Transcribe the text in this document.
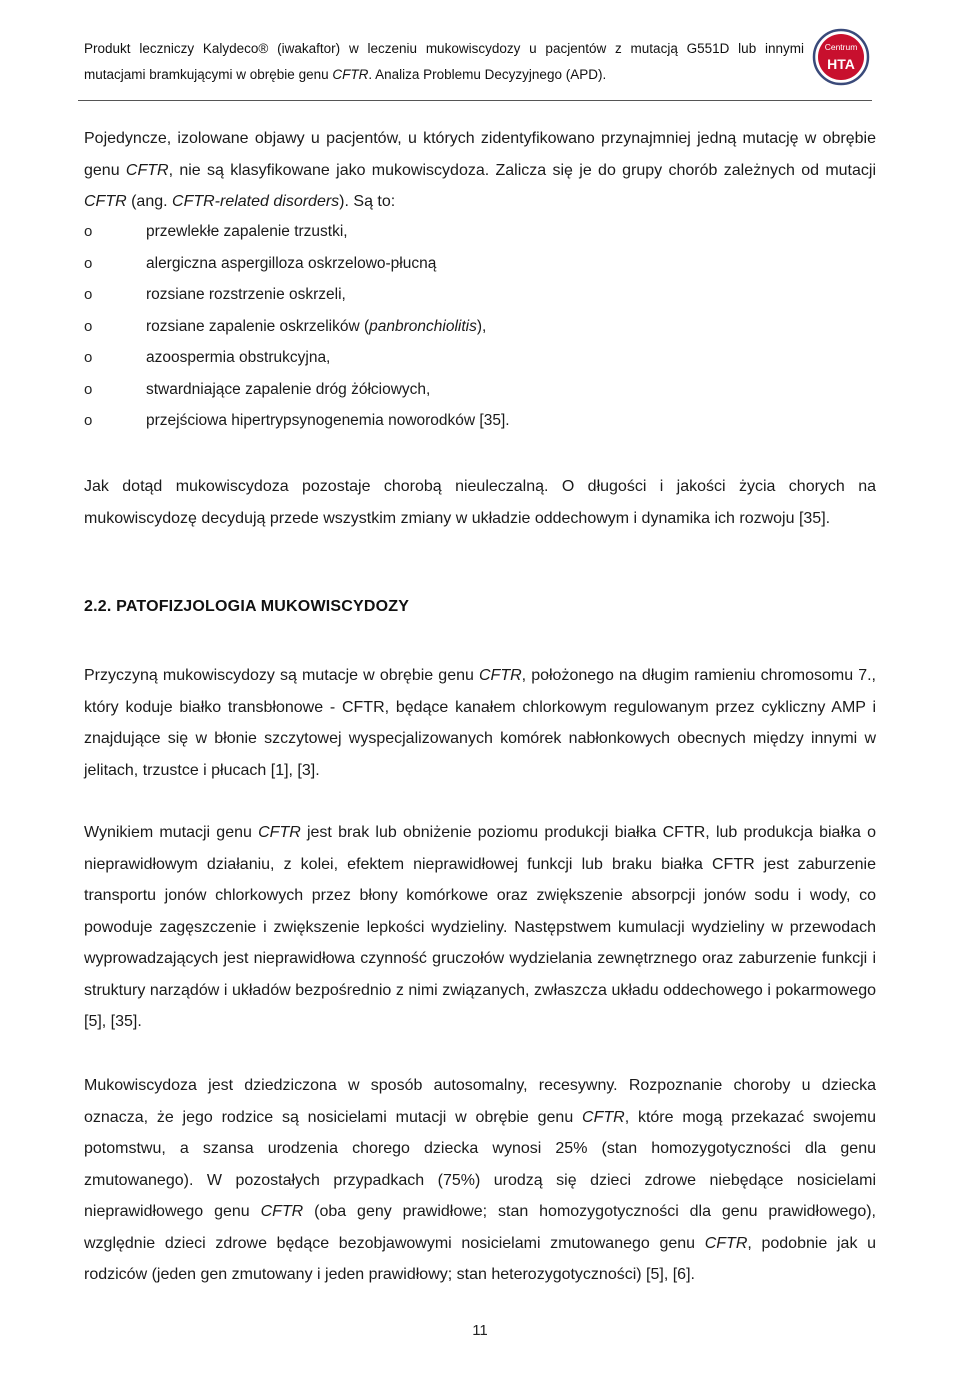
Produkt leczniczy Kalydeco® (iwakaftor) w leczeniu mukowiscydozy u pacjentów z mutacją G551D lub innymi
mutacjami bramkującymi w obrębie genu CFTR. Analiza Problemu Decyzyjnego (APD).
Centrum
HTA
Pojedyncze, izolowane objawy u pacjentów, u których zidentyfikowano przynajmniej jedną mutację w obrębie genu CFTR, nie są klasyfikowane jako mukowiscydoza. Zalicza się je do grupy chorób zależnych od mutacji CFTR (ang. CFTR-related disorders). Są to:
o	przewlekłe zapalenie trzustki,
o	alergiczna aspergilloza oskrzelowo-płucną
o	rozsiane rozstrzenie oskrzeli,
o	rozsiane zapalenie oskrzelików (panbronchiolitis),
o	azoospermia obstrukcyjna,
o	stwardniające zapalenie dróg żółciowych,
o	przejściowa hipertrypsynogenemia noworodków [35].
Jak dotąd mukowiscydoza pozostaje chorobą nieuleczalną. O długości i jakości życia chorych na mukowiscydozę decydują przede wszystkim zmiany w układzie oddechowym i dynamika ich rozwoju [35].
2.2. PATOFIZJOLOGIA MUKOWISCYDOZY
Przyczyną mukowiscydozy są mutacje w obrębie genu CFTR, położonego na długim ramieniu chromosomu 7., który koduje białko transbłonowe - CFTR, będące kanałem chlorkowym regulowanym przez cykliczny AMP i znajdujące się w błonie szczytowej wyspecjalizowanych komórek nabłonkowych obecnych między innymi w jelitach, trzustce i płucach [1], [3].
Wynikiem mutacji genu CFTR jest brak lub obniżenie poziomu produkcji białka CFTR, lub produkcja białka o nieprawidłowym działaniu, z kolei, efektem nieprawidłowej funkcji lub braku białka CFTR jest zaburzenie transportu jonów chlorkowych przez błony komórkowe oraz zwiększenie absorpcji jonów sodu i wody, co powoduje zagęszczenie i zwiększenie lepkości wydzieliny. Następstwem kumulacji wydzieliny w przewodach wyprowadzających jest nieprawidłowa czynność gruczołów wydzielania zewnętrznego oraz zaburzenie funkcji i struktury narządów i układów bezpośrednio z nimi związanych, zwłaszcza układu oddechowego i pokarmowego [5], [35].
Mukowiscydoza jest dziedziczona w sposób autosomalny, recesywny. Rozpoznanie choroby u dziecka oznacza, że jego rodzice są nosicielami mutacji w obrębie genu CFTR, które mogą przekazać swojemu potomstwu, a szansa urodzenia chorego dziecka wynosi 25% (stan homozygotyczności dla genu zmutowanego). W pozostałych przypadkach (75%) urodzą się dzieci zdrowe niebędące nosicielami nieprawidłowego genu CFTR (oba geny prawidłowe; stan homozygotyczności dla genu prawidłowego), względnie dzieci zdrowe będące bezobjawowymi nosicielami zmutowanego genu CFTR, podobnie jak u rodziców (jeden gen zmutowany i jeden prawidłowy; stan heterozygotyczności) [5], [6].
11
